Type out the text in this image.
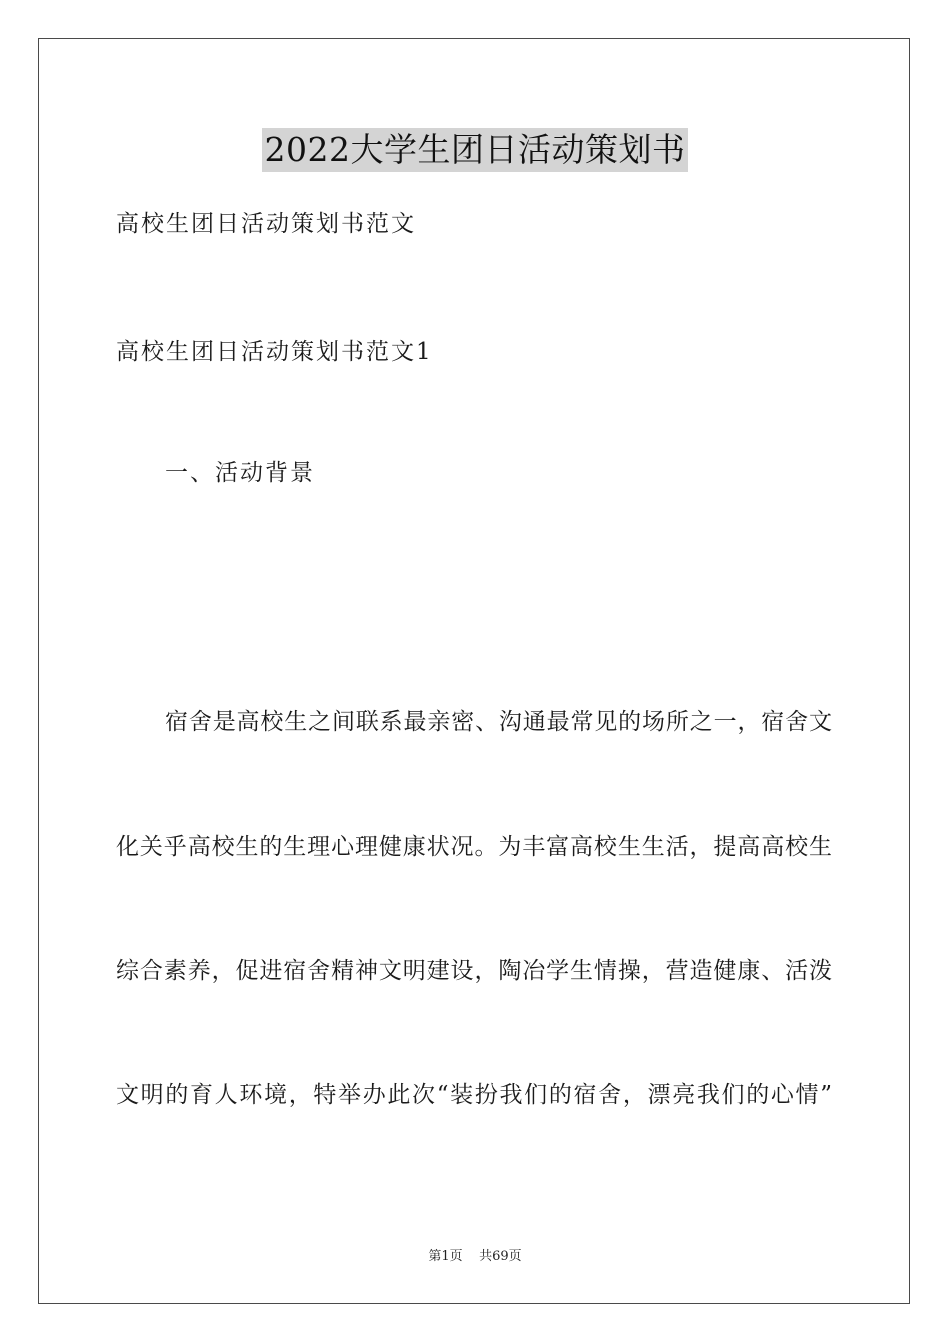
2022大学生团日活动策划书
高校生团日活动策划书范文
高校生团日活动策划书范文1
一、活动背景
宿舍是高校生之间联系最亲密、沟通最常见的场所之一，宿舍文
化关乎高校生的生理心理健康状况。为丰富高校生生活，提高高校生
综合素养，促进宿舍精神文明建设，陶冶学生情操，营造健康、活泼
文明的育人环境，特举办此次“装扮我们的宿舍，漂亮我们的心情”
第1页 共69页
